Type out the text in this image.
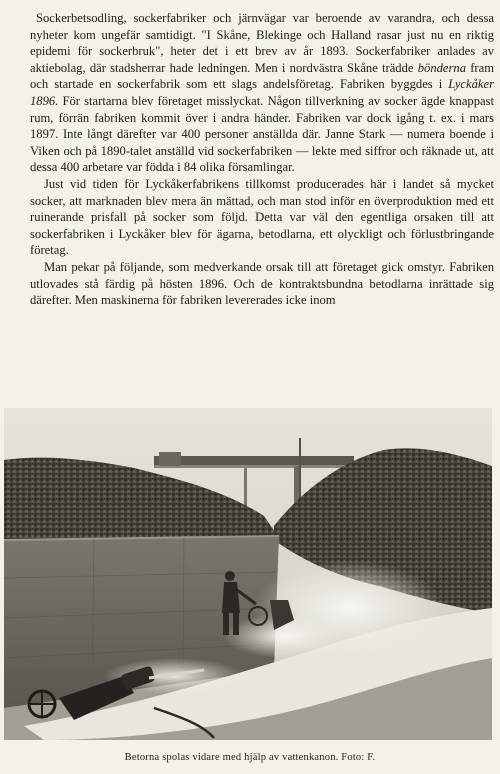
Sockerbetsodling, sockerfabriker och järnvägar var beroende av varandra, och dessa nyheter kom ungefär samtidigt. "I Skåne, Blekinge och Halland rasar just nu en riktig epidemi för sockerbruk", heter det i ett brev av år 1893. Sockerfabriker anlades av aktiebolag, där stadsherrar hade ledningen. Men i nordvästra Skåne trädde bönderna fram och startade en sockerfabrik som ett slags andelsföretag. Fabriken byggdes i Lyckåker 1896. För startarna blev företaget misslyckat. Någon tillverkning av socker ägde knappast rum, förrän fabriken kommit över i andra händer. Fabriken var dock igång t. ex. i mars 1897. Inte långt därefter var 400 personer anställda där. Janne Stark — numera boende i Viken och på 1890-talet anställd vid sockerfabriken — lekte med siffror och räknade ut, att dessa 400 arbetare var födda i 84 olika församlingar.

Just vid tiden för Lyckåkerfabrikens tillkomst producerades här i landet så mycket socker, att marknaden blev mera än mättad, och man stod inför en överproduktion med ett ruinerande prisfall på socker som följd. Detta var väl den egentliga orsaken till att sockerfabriken i Lyckåker blev för ägarna, betodlarna, ett olyckligt och förlustbringande företag.

Man pekar på följande, som medverkande orsak till att företaget gick omstyr. Fabriken utlovades stå färdig på hösten 1896. Och de kontraktsbundna betodlarna inrättade sig därefter. Men maskinerna för fabriken levererades icke inom

Betorna spolas vidare med hjälp av vattenkanon. Foto: F.
